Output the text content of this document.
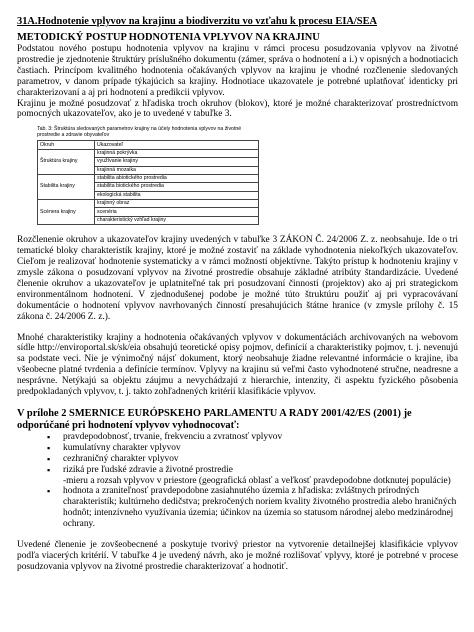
31A.Hodnotenie vplyvov na krajinu a biodiverzitu vo vzťahu k procesu EIA/SEA
METODICKÝ POSTUP HODNOTENIA VPLYVOV NA KRAJINU

Podstatou nového postupu hodnotenia vplyvov na krajinu v rámci procesu posudzovania vplyvov na životné prostredie je zjednotenie štruktúry príslušného dokumentu (zámer, správa o hodnotení a i.) v opisných a hodnotiacich častiach. Princípom kvalitného hodnotenia očakávaných vplyvov na krajinu je vhodné rozčlenenie sledovaných parametrov, v danom prípade týkajúcich sa krajiny. Hodnotiace ukazovatele je potrebné uplatňovať identicky pri charakterizovaní a aj pri hodnotení a predikcii vplyvov.

Krajinu je možné posudzovať z hľadiska troch okruhov (blokov), ktoré je možné charakterizovať prostredníctvom pomocných ukazovateľov, ako je to uvedené v tabuľke 3.

Tab. 3: Štruktúra sledovaných parametrov krajiny na účely hodnotenia vplyvov na životné prostredie a zdravie obyvateľov
Okruh	Ukazovateľ
Štruktúra krajiny	krajinná pokrývka
	využívanie krajiny
	krajinná mozaika
Stabilita krajiny	stabilita abiotického prostredia
	stabilita biotického prostredia
	ekologická stabilita
Scénera krajiny	krajinný obraz
	scenéria
	charakteristický vzhľad krajiny

Rozčlenenie okruhov a ukazovateľov krajiny uvedených v tabuľke 3 ZÁKON Č. 24/2006 Z. z. neobsahuje. Ide o tri tematické bloky charakteristík krajiny, ktoré je možné zostaviť na základe vyhodnotenia niekoľkých ukazovateľov. Cieľom je realizovať hodnotenie systematicky a v rámci možností objektívne. Takýto prístup k hodnoteniu krajiny v zmysle zákona o posudzovaní vplyvov na životné prostredie obsahuje základné atribúty štandardizácie. Uvedené členenie okruhov a ukazovateľov je uplatniteľné tak pri posudzovaní činností (projektov) ako aj pri strategickom environmentálnom hodnotení. V zjednodušenej podobe je možné túto štruktúru použiť aj pri vypracovávaní dokumentácie o hodnotení vplyvov navrhovaných činností presahujúcich štátne hranice (v zmysle prílohy č. 15 zákona č. 24/2006 Z. z.).

Mnohé charakteristiky krajiny a hodnotenia očakávaných vplyvov v dokumentáciách archivovaných na webovom sídle http://enviroportal.sk/sk/eia obsahujú teoretické opisy pojmov, definícií a charakteristiky pojmov, t. j. nevenujú sa podstate veci. Nie je výnimočný nájsť dokument, ktorý neobsahuje žiadne relevantné informácie o krajine, iba všeobecne platné tvrdenia a definície termínov. Vplyvy na krajinu sú veľmi často vyhodnotené stručne, neadresne a nesprávne. Netýkajú sa objektu záujmu a nevychádzajú z hierarchie, intenzity, či aspektu fyzického pôsobenia predpokladaných vplyvov, t. j. takto zohľadnených kritérií klasifikácie vplyvov.

V prílohe 2 SMERNICE EURÓPSKEHO PARLAMENTU A RADY 2001/42/ES (2001) je odporúčané pri hodnotení vplyvov vyhodnocovať:
▪ pravdepodobnosť, trvanie, frekvenciu a zvratnosť vplyvov
▪ kumulatívny charakter vplyvov
▪ cezhraničný charakter vplyvov
▪ riziká pre ľudské zdravie a životné prostredie
-mieru a rozsah vplyvov v priestore (geografická oblasť a veľkosť pravdepodobne dotknutej populácie)
▪ hodnota a zraniteľnosť pravdepodobne zasiahnutého územia z hľadiska: zvláštnych prírodných charakteristík; kultúrneho dedičstva; prekročených noriem kvality životného prostredia alebo hraničných hodnôt; intenzívneho využívania územia; účinkov na územia so statusom národnej alebo medzinárodnej ochrany.

Uvedené členenie je zovšeobecnené a poskytuje tvorivý priestor na vytvorenie detailnejšej klasifikácie vplyvov podľa viacerých kritérií. V tabuľke 4 je uvedený návrh, ako je možné rozlišovať vplyvy, ktoré je potrebné v procese posudzovania vplyvov na životné prostredie charakterizovať a hodnotiť.
